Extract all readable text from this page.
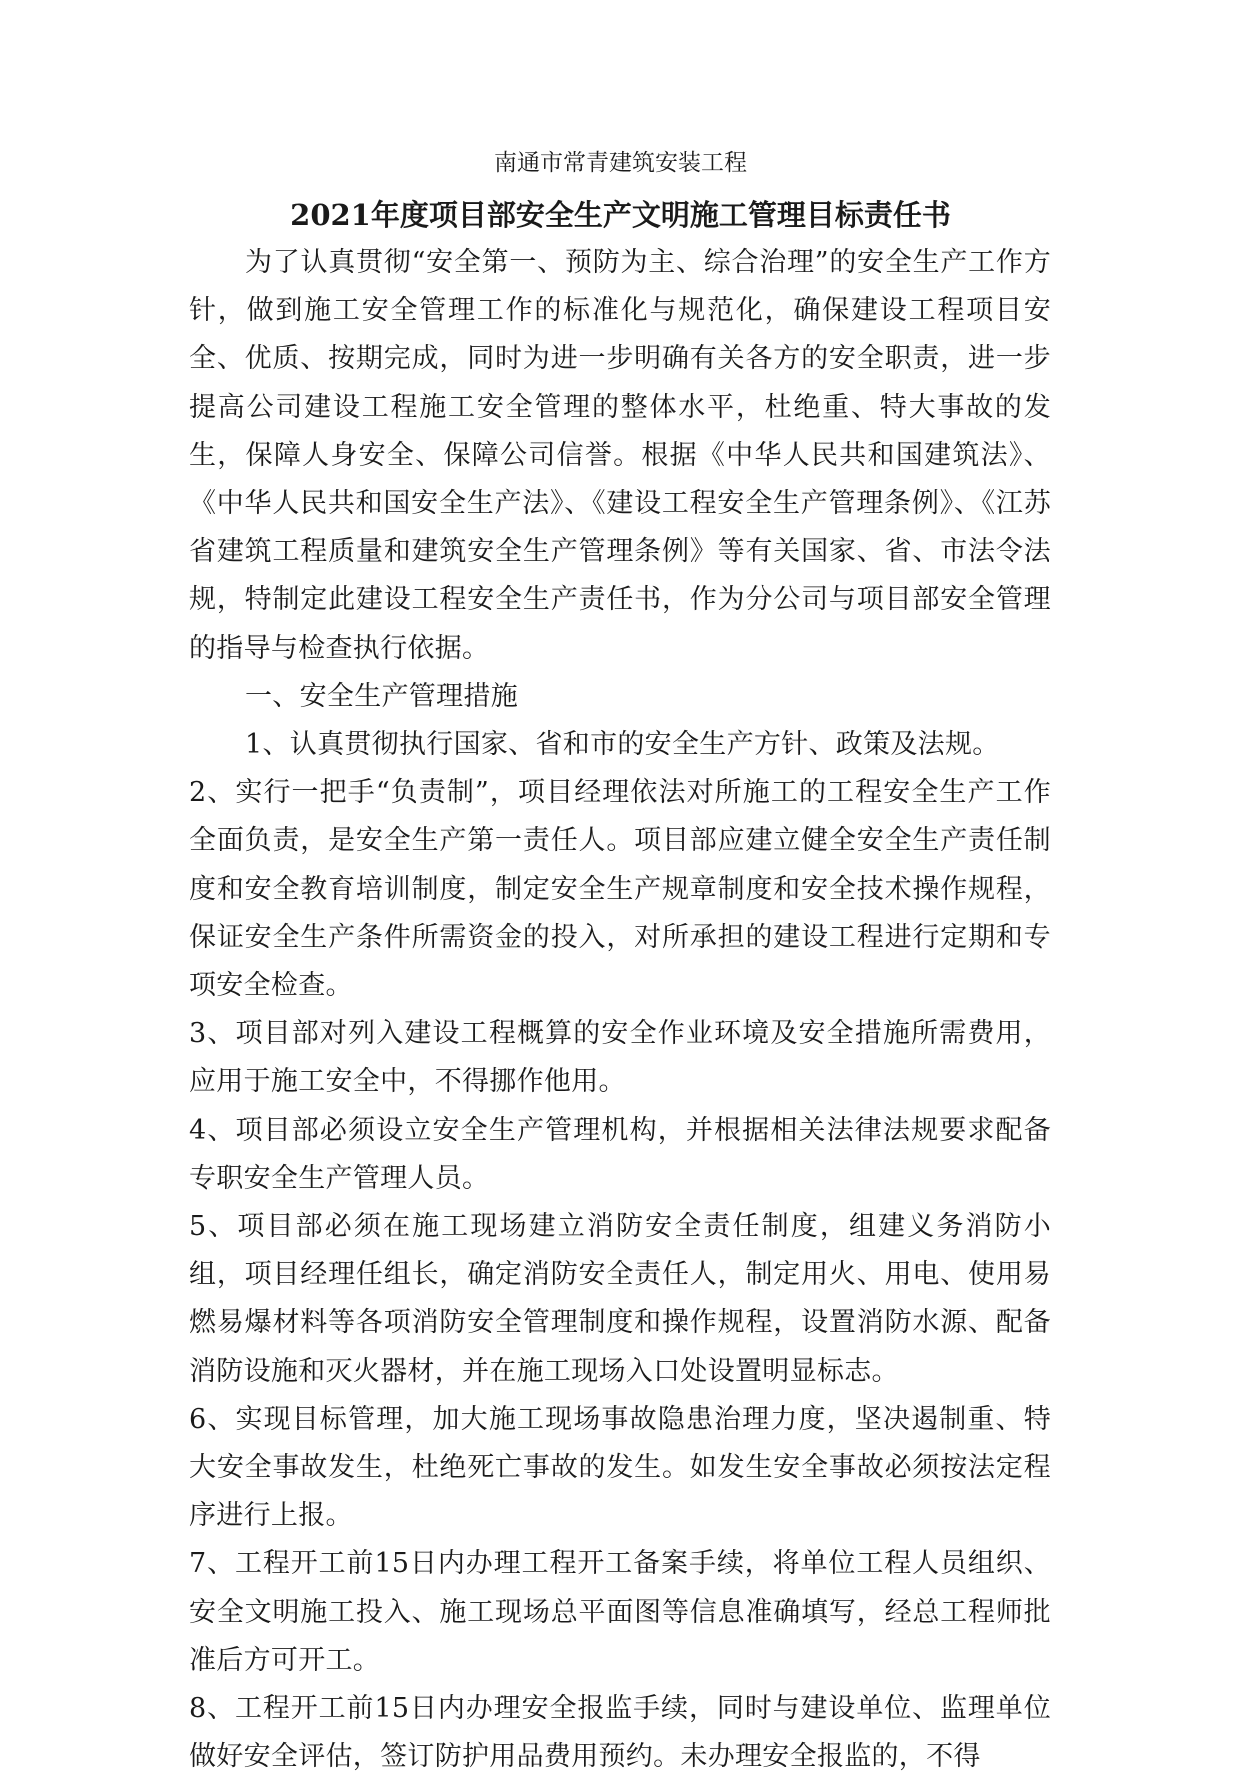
南通市常青建筑安装工程
2021年度项目部安全生产文明施工管理目标责任书

为了认真贯彻“安全第一、预防为主、综合治理”的安全生产工作方针，做到施工安全管理工作的标准化与规范化，确保建设工程项目安全、优质、按期完成，同时为进一步明确有关各方的安全职责，进一步提高公司建设工程施工安全管理的整体水平，杜绝重、特大事故的发生，保障人身安全、保障公司信誉。根据《中华人民共和国建筑法》、《中华人民共和国安全生产法》、《建设工程安全生产管理条例》、《江苏省建筑工程质量和建筑安全生产管理条例》等有关国家、省、市法令法规，特制定此建设工程安全生产责任书，作为分公司与项目部安全管理的指导与检查执行依据。

一、安全生产管理措施

1、认真贯彻执行国家、省和市的安全生产方针、政策及法规。

2、实行一把手“负责制”，项目经理依法对所施工的工程安全生产工作全面负责，是安全生产第一责任人。项目部应建立健全安全生产责任制度和安全教育培训制度，制定安全生产规章制度和安全技术操作规程，保证安全生产条件所需资金的投入，对所承担的建设工程进行定期和专项安全检查。

3、项目部对列入建设工程概算的安全作业环境及安全措施所需费用，应用于施工安全中，不得挪作他用。

4、项目部必须设立安全生产管理机构，并根据相关法律法规要求配备专职安全生产管理人员。

5、项目部必须在施工现场建立消防安全责任制度，组建义务消防小组，项目经理任组长，确定消防安全责任人，制定用火、用电、使用易燃易爆材料等各项消防安全管理制度和操作规程，设置消防水源、配备消防设施和灭火器材，并在施工现场入口处设置明显标志。

6、实现目标管理，加大施工现场事故隐患治理力度，坚决遏制重、特大安全事故发生，杜绝死亡事故的发生。如发生安全事故必须按法定程序进行上报。

7、工程开工前15日内办理工程开工备案手续，将单位工程人员组织、安全文明施工投入、施工现场总平面图等信息准确填写，经总工程师批准后方可开工。

8、工程开工前15日内办理安全报监手续，同时与建设单位、监理单位做好安全评估，签订防护用品费用预约。未办理安全报监的，不得
